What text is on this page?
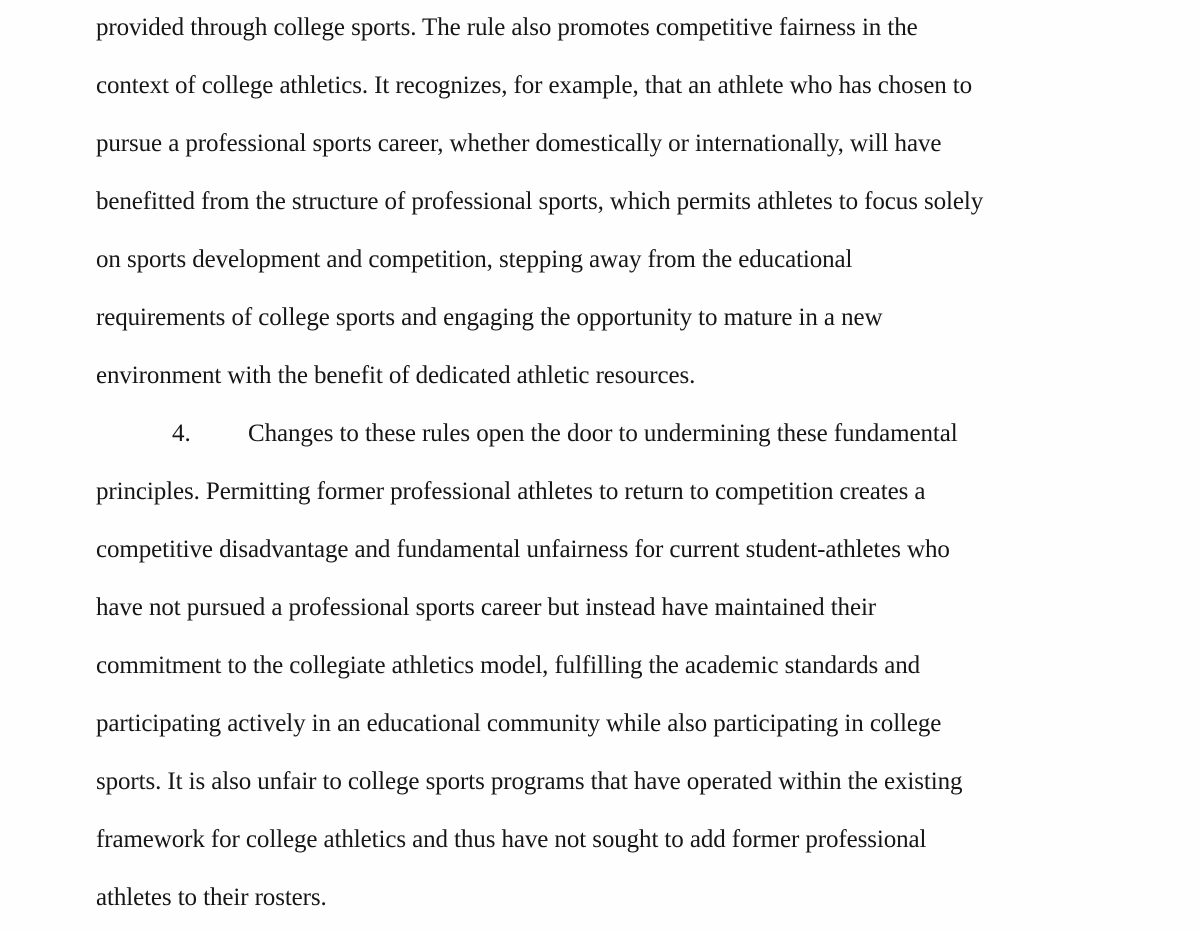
provided through college sports. The rule also promotes competitive fairness in the
context of college athletics. It recognizes, for example, that an athlete who has chosen to
pursue a professional sports career, whether domestically or internationally, will have
benefitted from the structure of professional sports, which permits athletes to focus solely
on sports development and competition, stepping away from the educational
requirements of college sports and engaging the opportunity to mature in a new
environment with the benefit of dedicated athletic resources.
4. Changes to these rules open the door to undermining these fundamental
principles. Permitting former professional athletes to return to competition creates a
competitive disadvantage and fundamental unfairness for current student-athletes who
have not pursued a professional sports career but instead have maintained their
commitment to the collegiate athletics model, fulfilling the academic standards and
participating actively in an educational community while also participating in college
sports. It is also unfair to college sports programs that have operated within the existing
framework for college athletics and thus have not sought to add former professional
athletes to their rosters.
